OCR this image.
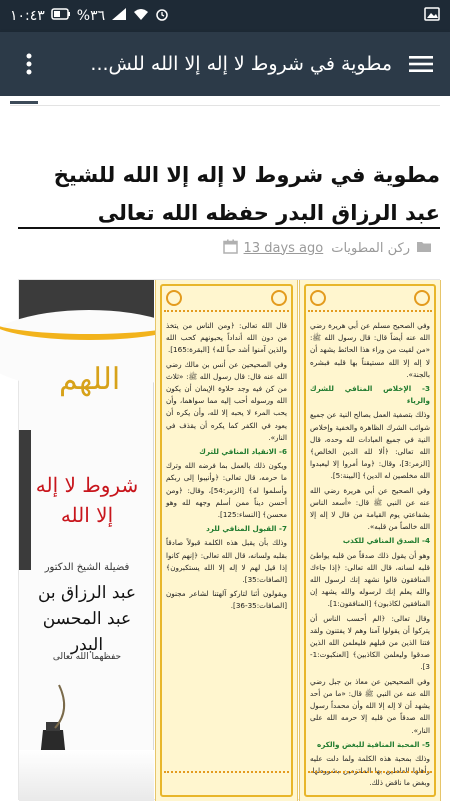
١٠:٤٣ %٣٦
مطوية في شروط لا إله إلا الله للش...
مطوية في شروط لا إله إلا الله للشيخ عبد الرزاق البدر حفظه الله تعالى
ركن المطويات
13 days ago
اللهم
شروط لا إله إلا الله
فضيلة الشيخ الدكتور
عبد الرزاق بن عبد المحسن البدر
حفظهما الله تعالى

قال الله تعالى: ﴿ومن الناس من يتخذ من دون الله أنداداً يحبونهم كحب الله والذين آمنوا أشد حباً لله﴾ [البقرة:165].

وفي الصحيحين عن أنس بن مالك رضي الله عنه قال: قال رسول الله ﷺ: «ثلاث من كن فيه وجد حلاوة الإيمان أن يكون الله ورسوله أحب إليه مما سواهما، وأن يحب المرء لا يحبه إلا لله، وأن يكره أن يعود في الكفر كما يكره أن يقذف في النار».

6- الانقياد المنافي للترك

ويكون ذلك بالعمل بما فرضه الله وترك ما حرمه، قال تعالى: ﴿وأنيبوا إلى ربكم وأسلموا له﴾ [الزمر:54]، وقال: ﴿ومن أحسن ديناً ممن أسلم وجهه لله وهو محسن﴾ [النساء:125].

7- القبول المنافي للرد

وذلك بأن يقبل هذه الكلمة قبولاً صادقاً بقلبه ولسانه، قال الله تعالى: ﴿إنهم كانوا إذا قيل لهم لا إله إلا الله يستكبرون﴾ [الصافات:35].

ويقولون أئنا لتاركو آلهتنا لشاعر مجنون [الصافات:35-36].

وفي الصحيح مسلم عن أبي هريرة رضي الله عنه أيضاً قال: قال رسول الله ﷺ: «من لقيت من وراء هذا الحائط يشهد أن لا إله إلا الله مستيقناً بها قلبه فبشره بالجنة».

3- الإخلاص المنافي للشرك والرياء

وذلك بتصفية العمل بصالح النية عن جميع شوائب الشرك الظاهرة والخفية وإخلاص النية في جميع العبادات لله وحده، قال الله تعالى: ﴿ألا لله الدين الخالص﴾ [الزمر:3]، وقال: ﴿وما أمروا إلا ليعبدوا الله مخلصين له الدين﴾ [البينة:5].

وفي الصحيح عن أبي هريرة رضي الله عنه عن النبي ﷺ قال: «أسعد الناس بشفاعتي يوم القيامة من قال لا إله إلا الله خالصاً من قلبه».

4- الصدق المنافي للكذب

وهو أن يقول ذلك صدقاً من قلبه يواطئ قلبه لسانه، قال الله تعالى: ﴿إذا جاءك المنافقون قالوا نشهد إنك لرسول الله والله يعلم إنك لرسوله والله يشهد إن المنافقين لكاذبون﴾ [المنافقون:1].

وقال تعالى: ﴿الم أحسب الناس أن يتركوا أن يقولوا آمنا وهم لا يفتنون ولقد فتنا الذين من قبلهم فليعلمن الله الذين صدقوا وليعلمن الكاذبين﴾ [العنكبوت:1-3].

وفي الصحيحين عن معاذ بن جبل رضي الله عنه عن النبي ﷺ قال: «ما من أحد يشهد أن لا إله إلا الله وأن محمداً رسول الله صدقاً من قلبه إلا حرمه الله على النار».

5- المحبة المنافية للبغض والكره

وذلك بمحبة هذه الكلمة ولما دلت عليه وأهلها العاملين بها الملتزمين بشروطها، وبغض ما ناقض ذلك.
